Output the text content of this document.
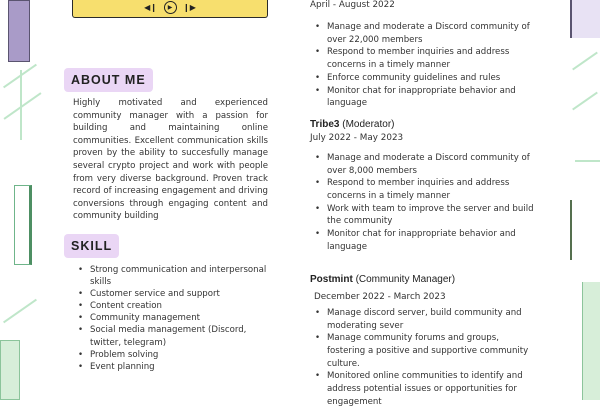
◀❙ ▶ ❙▶
ABOUT ME

Highly motivated and experienced community manager with a passion for building and maintaining online communities. Excellent communication skills proven by the ability to succesfully manage several crypto project and work with people from very diverse background. Proven track record of increasing engagement and driving conversions through engaging content and community building

SKILL
• Strong communication and interpersonal skills
• Customer service and support
• Content creation
• Community management
• Social media management (Discord, twitter, telegram)
• Problem solving
• Event planning
April - August 2022
• Manage and moderate a Discord community of over 22,000 members
• Respond to member inquiries and address concerns in a timely manner
• Enforce community guidelines and rules
• Monitor chat for inappropriate behavior and language
Tribe3 (Moderator)
July 2022 - May 2023
• Manage and moderate a Discord community of over 8,000 members
• Respond to member inquiries and address concerns in a timely manner
• Work with team to improve the server and build the community
• Monitor chat for inappropriate behavior and language
Postmint (Community Manager)
December 2022 - March 2023
• Manage discord server, build community and moderating sever
• Manage community forums and groups, fostering a positive and supportive community culture.
• Monitored online communities to identify and address potential issues or opportunities for engagement
